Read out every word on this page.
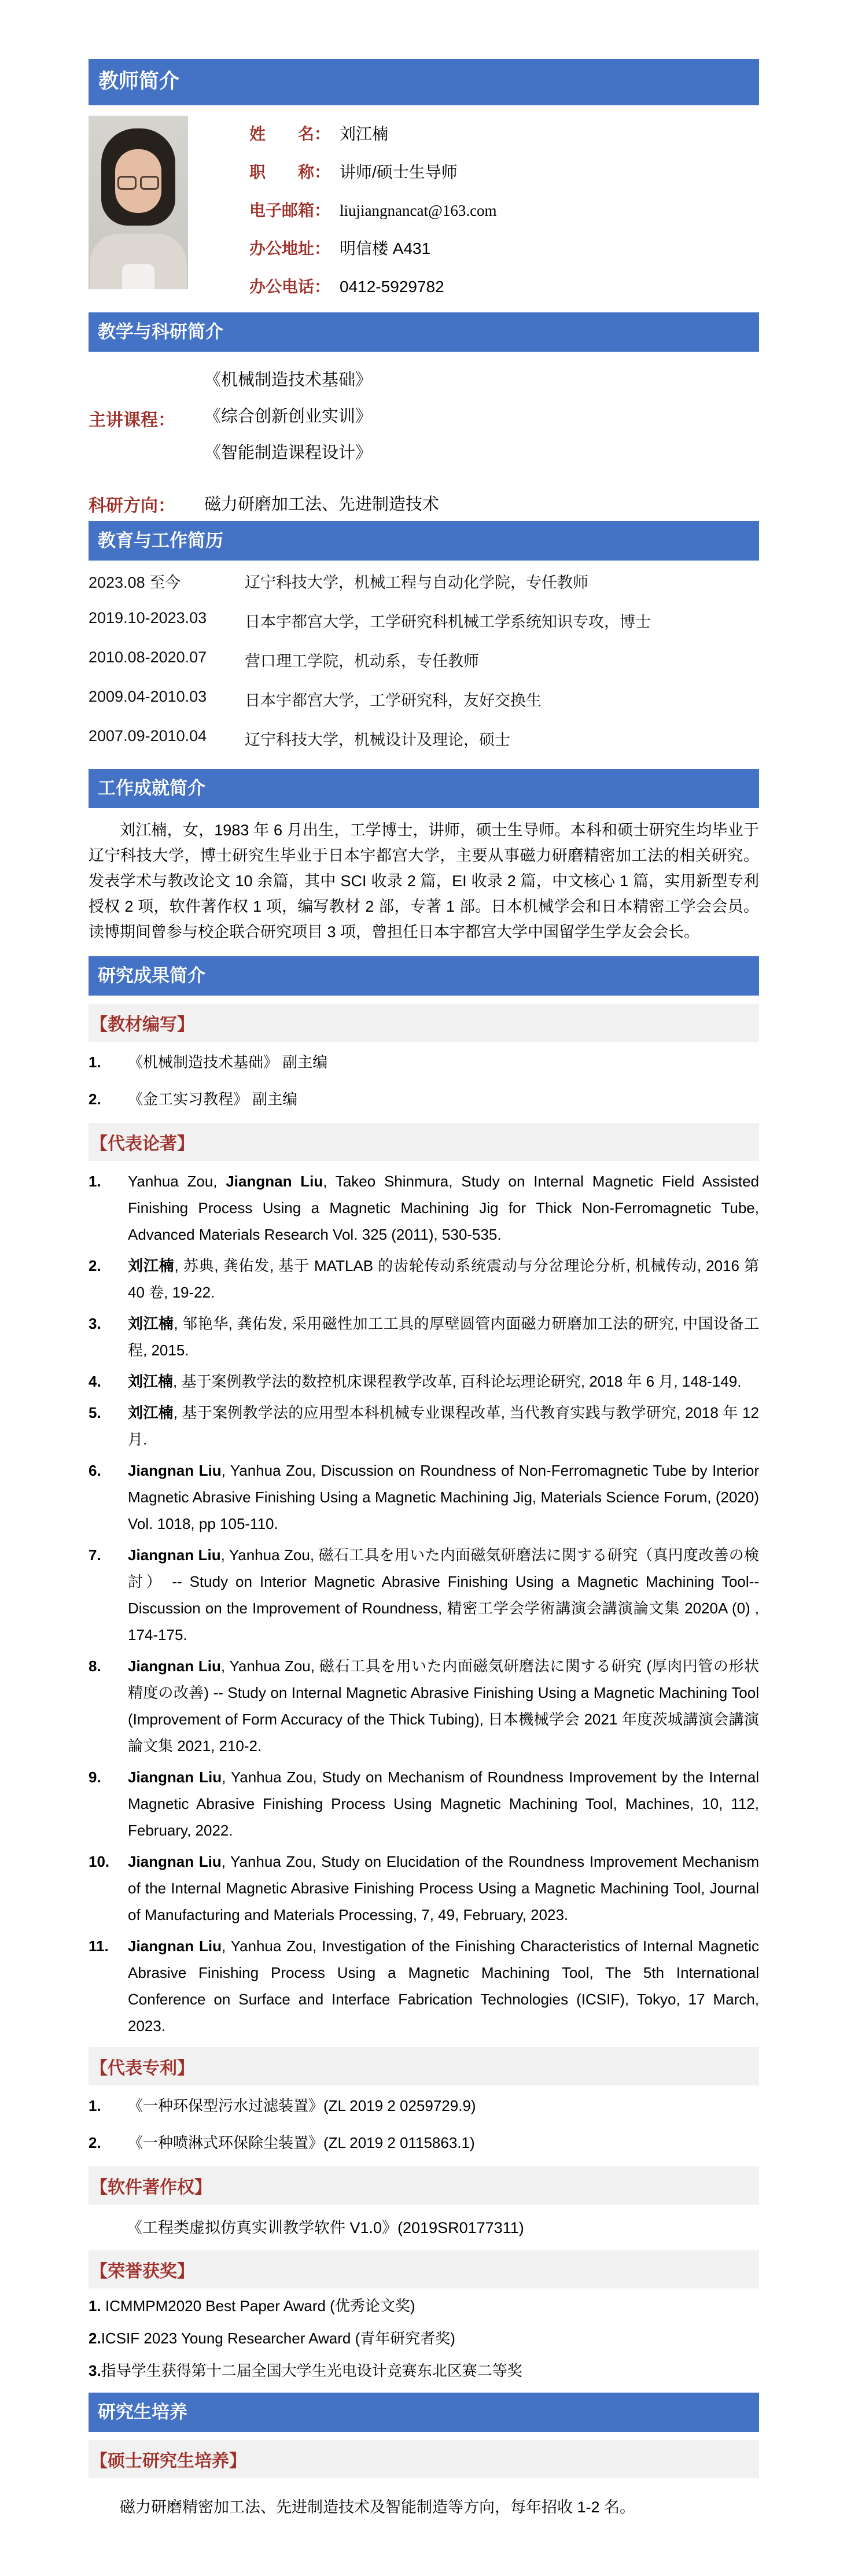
教师简介
姓　　名： 刘江楠
职　　称： 讲师/硕士生导师
电子邮箱： liujiangnancat@163.com
办公地址： 明信楼 A431
办公电话： 0412-5929782
教学与科研简介
主讲课程：
《机械制造技术基础》
《综合创新创业实训》
《智能制造课程设计》
科研方向：	磁力研磨加工法、先进制造技术
教育与工作简历
2023.08 至今	辽宁科技大学，机械工程与自动化学院，专任教师
2019.10-2023.03	日本宇都宫大学，工学研究科机械工学系统知识专攻，博士
2010.08-2020.07	营口理工学院，机动系，专任教师
2009.04-2010.03	日本宇都宫大学，工学研究科，友好交换生
2007.09-2010.04	辽宁科技大学，机械设计及理论，硕士
工作成就简介

刘江楠，女，1983 年 6 月出生，工学博士，讲师，硕士生导师。本科和硕士研究生均毕业于辽宁科技大学，博士研究生毕业于日本宇都宫大学，主要从事磁力研磨精密加工法的相关研究。发表学术与教改论文 10 余篇，其中 SCI 收录 2 篇，EI 收录 2 篇，中文核心 1 篇，实用新型专利授权 2 项，软件著作权 1 项，编写教材 2 部，专著 1 部。日本机械学会和日本精密工学会会员。读博期间曾参与校企联合研究项目 3 项，曾担任日本宇都宫大学中国留学生学友会会长。

研究成果简介
【教材编写】
1.	《机械制造技术基础》 副主编
2.	《金工实习教程》 副主编
【代表论著】
1.	Yanhua Zou, Jiangnan Liu, Takeo Shinmura, Study on Internal Magnetic Field Assisted Finishing Process Using a Magnetic Machining Jig for Thick Non-Ferromagnetic Tube, Advanced Materials Research Vol. 325 (2011), 530-535.
2.	刘江楠, 苏典, 龚佑发, 基于 MATLAB 的齿轮传动系统震动与分岔理论分析, 机械传动, 2016 第 40 卷, 19-22.
3.	刘江楠, 邹艳华, 龚佑发, 采用磁性加工工具的厚壁圆管内面磁力研磨加工法的研究, 中国设备工程, 2015.
4.	刘江楠, 基于案例教学法的数控机床课程教学改革, 百科论坛理论研究, 2018 年 6 月, 148-149.
5.	刘江楠, 基于案例教学法的应用型本科机械专业课程改革, 当代教育实践与教学研究, 2018 年 12 月.
6.	Jiangnan Liu, Yanhua Zou, Discussion on Roundness of Non-Ferromagnetic Tube by Interior Magnetic Abrasive Finishing Using a Magnetic Machining Jig, Materials Science Forum, (2020) Vol. 1018, pp 105-110.
7.	Jiangnan Liu, Yanhua Zou, 磁石工具を用いた内面磁気研磨法に関する研究（真円度改善の検討） -- Study on Interior Magnetic Abrasive Finishing Using a Magnetic Machining Tool--Discussion on the Improvement of Roundness, 精密工学会学術講演会講演論文集 2020A (0) , 174-175.
8.	Jiangnan Liu, Yanhua Zou, 磁石工具を用いた内面磁気研磨法に関する研究 (厚肉円管の形状精度の改善) -- Study on Internal Magnetic Abrasive Finishing Using a Magnetic Machining Tool (Improvement of Form Accuracy of the Thick Tubing), 日本機械学会 2021 年度茨城講演会講演論文集 2021, 210-2.
9.	Jiangnan Liu, Yanhua Zou, Study on Mechanism of Roundness Improvement by the Internal Magnetic Abrasive Finishing Process Using Magnetic Machining Tool, Machines, 10, 112, February, 2022.
10.	Jiangnan Liu, Yanhua Zou, Study on Elucidation of the Roundness Improvement Mechanism of the Internal Magnetic Abrasive Finishing Process Using a Magnetic Machining Tool, Journal of Manufacturing and Materials Processing, 7, 49, February, 2023.
11.	Jiangnan Liu, Yanhua Zou, Investigation of the Finishing Characteristics of Internal Magnetic Abrasive Finishing Process Using a Magnetic Machining Tool, The 5th International Conference on Surface and Interface Fabrication Technologies (ICSIF), Tokyo, 17 March, 2023.
【代表专利】
1.	《一种环保型污水过滤装置》(ZL 2019 2 0259729.9)
2.	《一种喷淋式环保除尘装置》(ZL 2019 2 0115863.1)
【软件著作权】
《工程类虚拟仿真实训教学软件 V1.0》(2019SR0177311)
【荣誉获奖】
1. ICMMPM2020 Best Paper Award (优秀论文奖)
2.ICSIF 2023 Young Researcher Award (青年研究者奖)
3.指导学生获得第十二届全国大学生光电设计竞赛东北区赛二等奖
研究生培养
【硕士研究生培养】

磁力研磨精密加工法、先进制造技术及智能制造等方向，每年招收 1-2 名。
